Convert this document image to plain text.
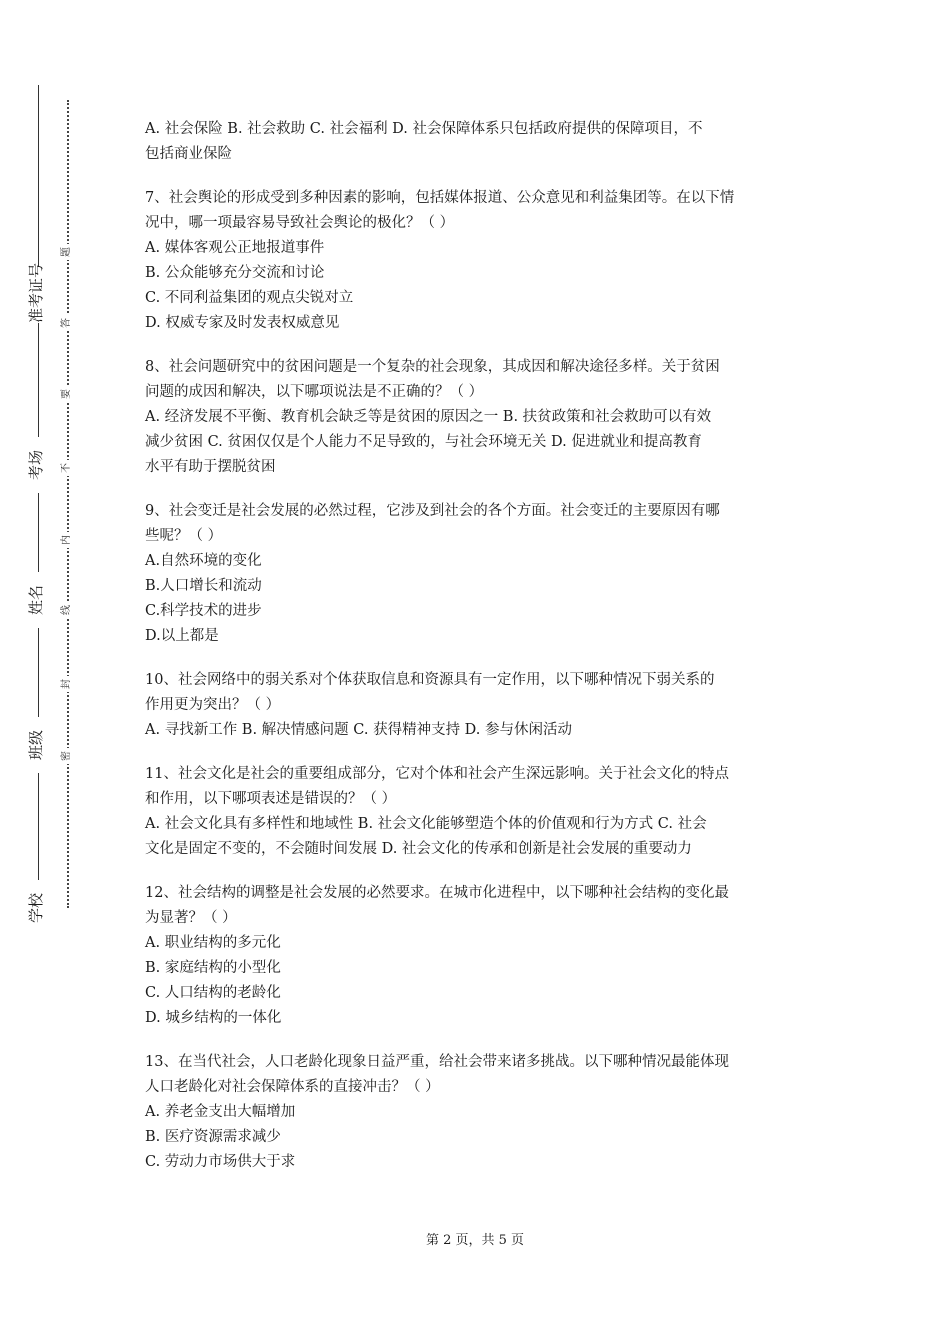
准考证号
考场
姓名
班级
学校
题
答
要
不
内
线
封
密

A. 社会保险 B. 社会救助 C. 社会福利 D. 社会保障体系只包括政府提供的保障项目，不

包括商业保险

7、社会舆论的形成受到多种因素的影响，包括媒体报道、公众意见和利益集团等。在以下情

况中，哪一项最容易导致社会舆论的极化？（ ）

A. 媒体客观公正地报道事件

B. 公众能够充分交流和讨论

C. 不同利益集团的观点尖锐对立

D. 权威专家及时发表权威意见

8、社会问题研究中的贫困问题是一个复杂的社会现象，其成因和解决途径多样。关于贫困

问题的成因和解决，以下哪项说法是不正确的？（ ）

A. 经济发展不平衡、教育机会缺乏等是贫困的原因之一 B. 扶贫政策和社会救助可以有效

减少贫困 C. 贫困仅仅是个人能力不足导致的，与社会环境无关 D. 促进就业和提高教育

水平有助于摆脱贫困

9、社会变迁是社会发展的必然过程，它涉及到社会的各个方面。社会变迁的主要原因有哪

些呢？（ ）

A.自然环境的变化

B.人口增长和流动

C.科学技术的进步

D.以上都是

10、社会网络中的弱关系对个体获取信息和资源具有一定作用，以下哪种情况下弱关系的

作用更为突出？（ ）

A. 寻找新工作 B. 解决情感问题 C. 获得精神支持 D. 参与休闲活动

11、社会文化是社会的重要组成部分，它对个体和社会产生深远影响。关于社会文化的特点

和作用，以下哪项表述是错误的？（ ）

A. 社会文化具有多样性和地域性 B. 社会文化能够塑造个体的价值观和行为方式 C. 社会

文化是固定不变的，不会随时间发展 D. 社会文化的传承和创新是社会发展的重要动力

12、社会结构的调整是社会发展的必然要求。在城市化进程中，以下哪种社会结构的变化最

为显著？（ ）

A. 职业结构的多元化

B. 家庭结构的小型化

C. 人口结构的老龄化

D. 城乡结构的一体化

13、在当代社会，人口老龄化现象日益严重，给社会带来诸多挑战。以下哪种情况最能体现

人口老龄化对社会保障体系的直接冲击？（ ）

A. 养老金支出大幅增加

B. 医疗资源需求减少

C. 劳动力市场供大于求

第 2 页，共 5 页
